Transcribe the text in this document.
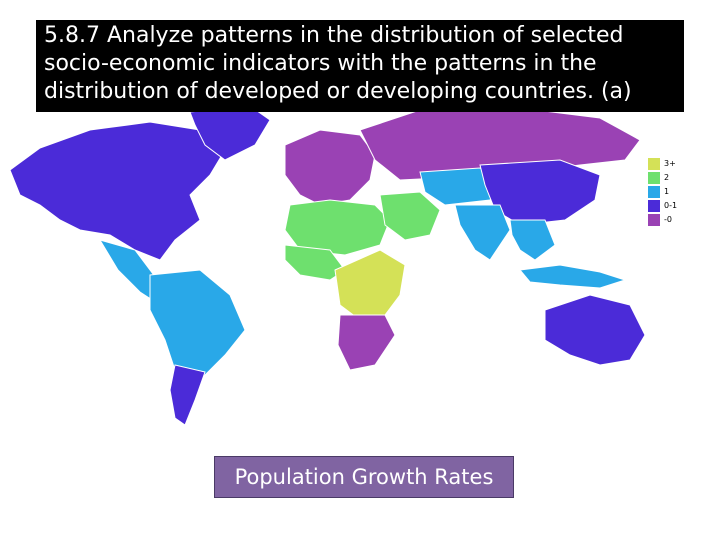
5.8.7 Analyze patterns in the distribution of selected
socio-economic indicators with the patterns in the
distribution of developed or developing countries. (a)
3+
2
1
0-1
-0
Population Growth Rates
